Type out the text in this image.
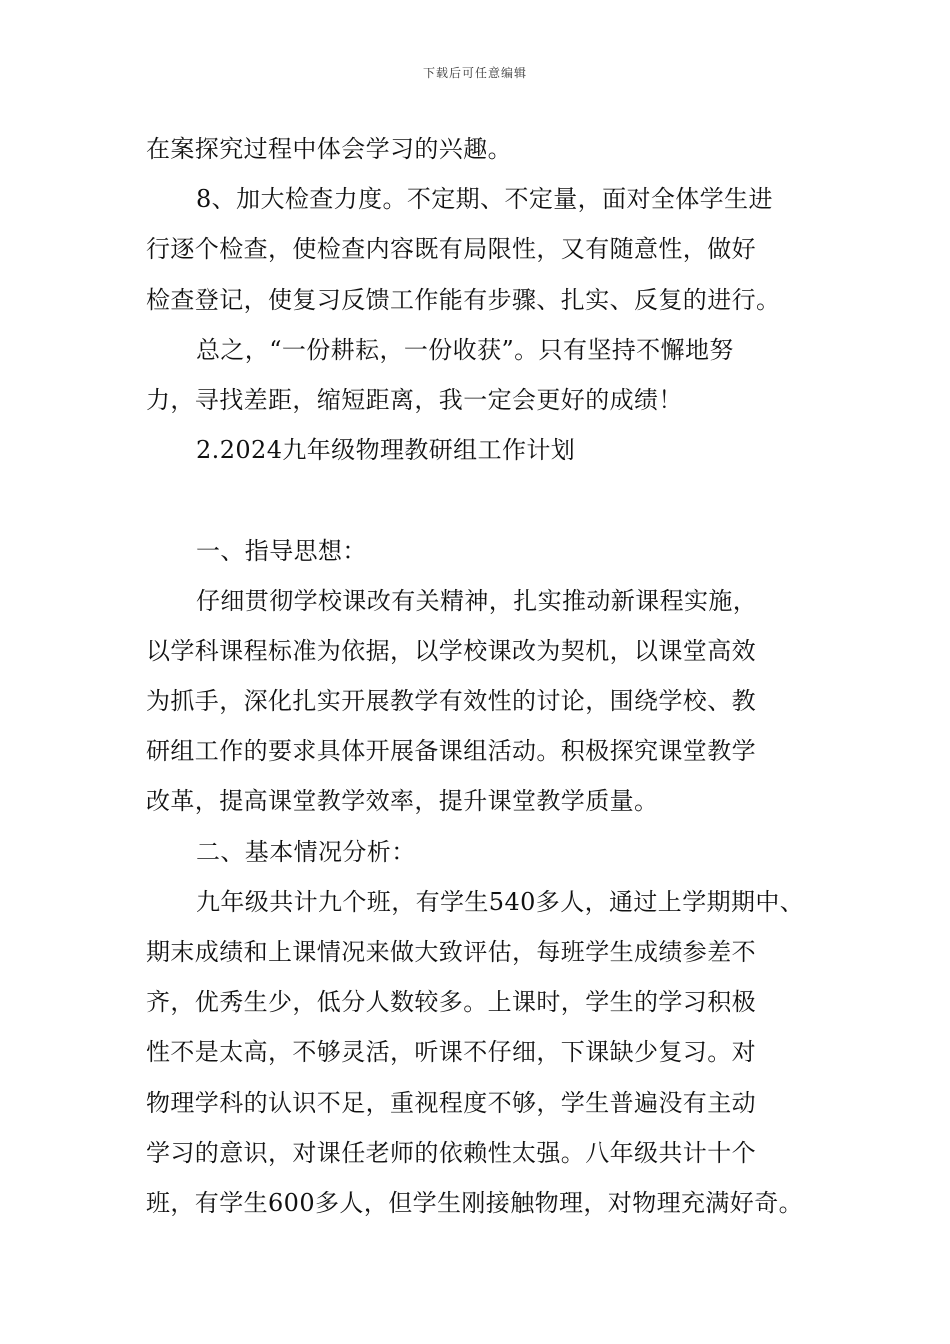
下载后可任意编辑
在案探究过程中体会学习的兴趣。
8、加大检查力度。不定期、不定量，面对全体学生进
行逐个检查，使检查内容既有局限性，又有随意性，做好
检查登记，使复习反馈工作能有步骤、扎实、反复的进行。
总之，“一份耕耘，一份收获”。只有坚持不懈地努
力，寻找差距，缩短距离，我一定会更好的成绩！
2.2024九年级物理教研组工作计划
一、指导思想：
仔细贯彻学校课改有关精神，扎实推动新课程实施，
以学科课程标准为依据，以学校课改为契机，以课堂高效
为抓手，深化扎实开展教学有效性的讨论，围绕学校、教
研组工作的要求具体开展备课组活动。积极探究课堂教学
改革，提高课堂教学效率，提升课堂教学质量。
二、基本情况分析：
九年级共计九个班，有学生540多人，通过上学期期中、
期末成绩和上课情况来做大致评估，每班学生成绩参差不
齐，优秀生少，低分人数较多。上课时，学生的学习积极
性不是太高，不够灵活，听课不仔细，下课缺少复习。对
物理学科的认识不足，重视程度不够，学生普遍没有主动
学习的意识，对课任老师的依赖性太强。八年级共计十个
班，有学生600多人，但学生刚接触物理，对物理充满好奇。
